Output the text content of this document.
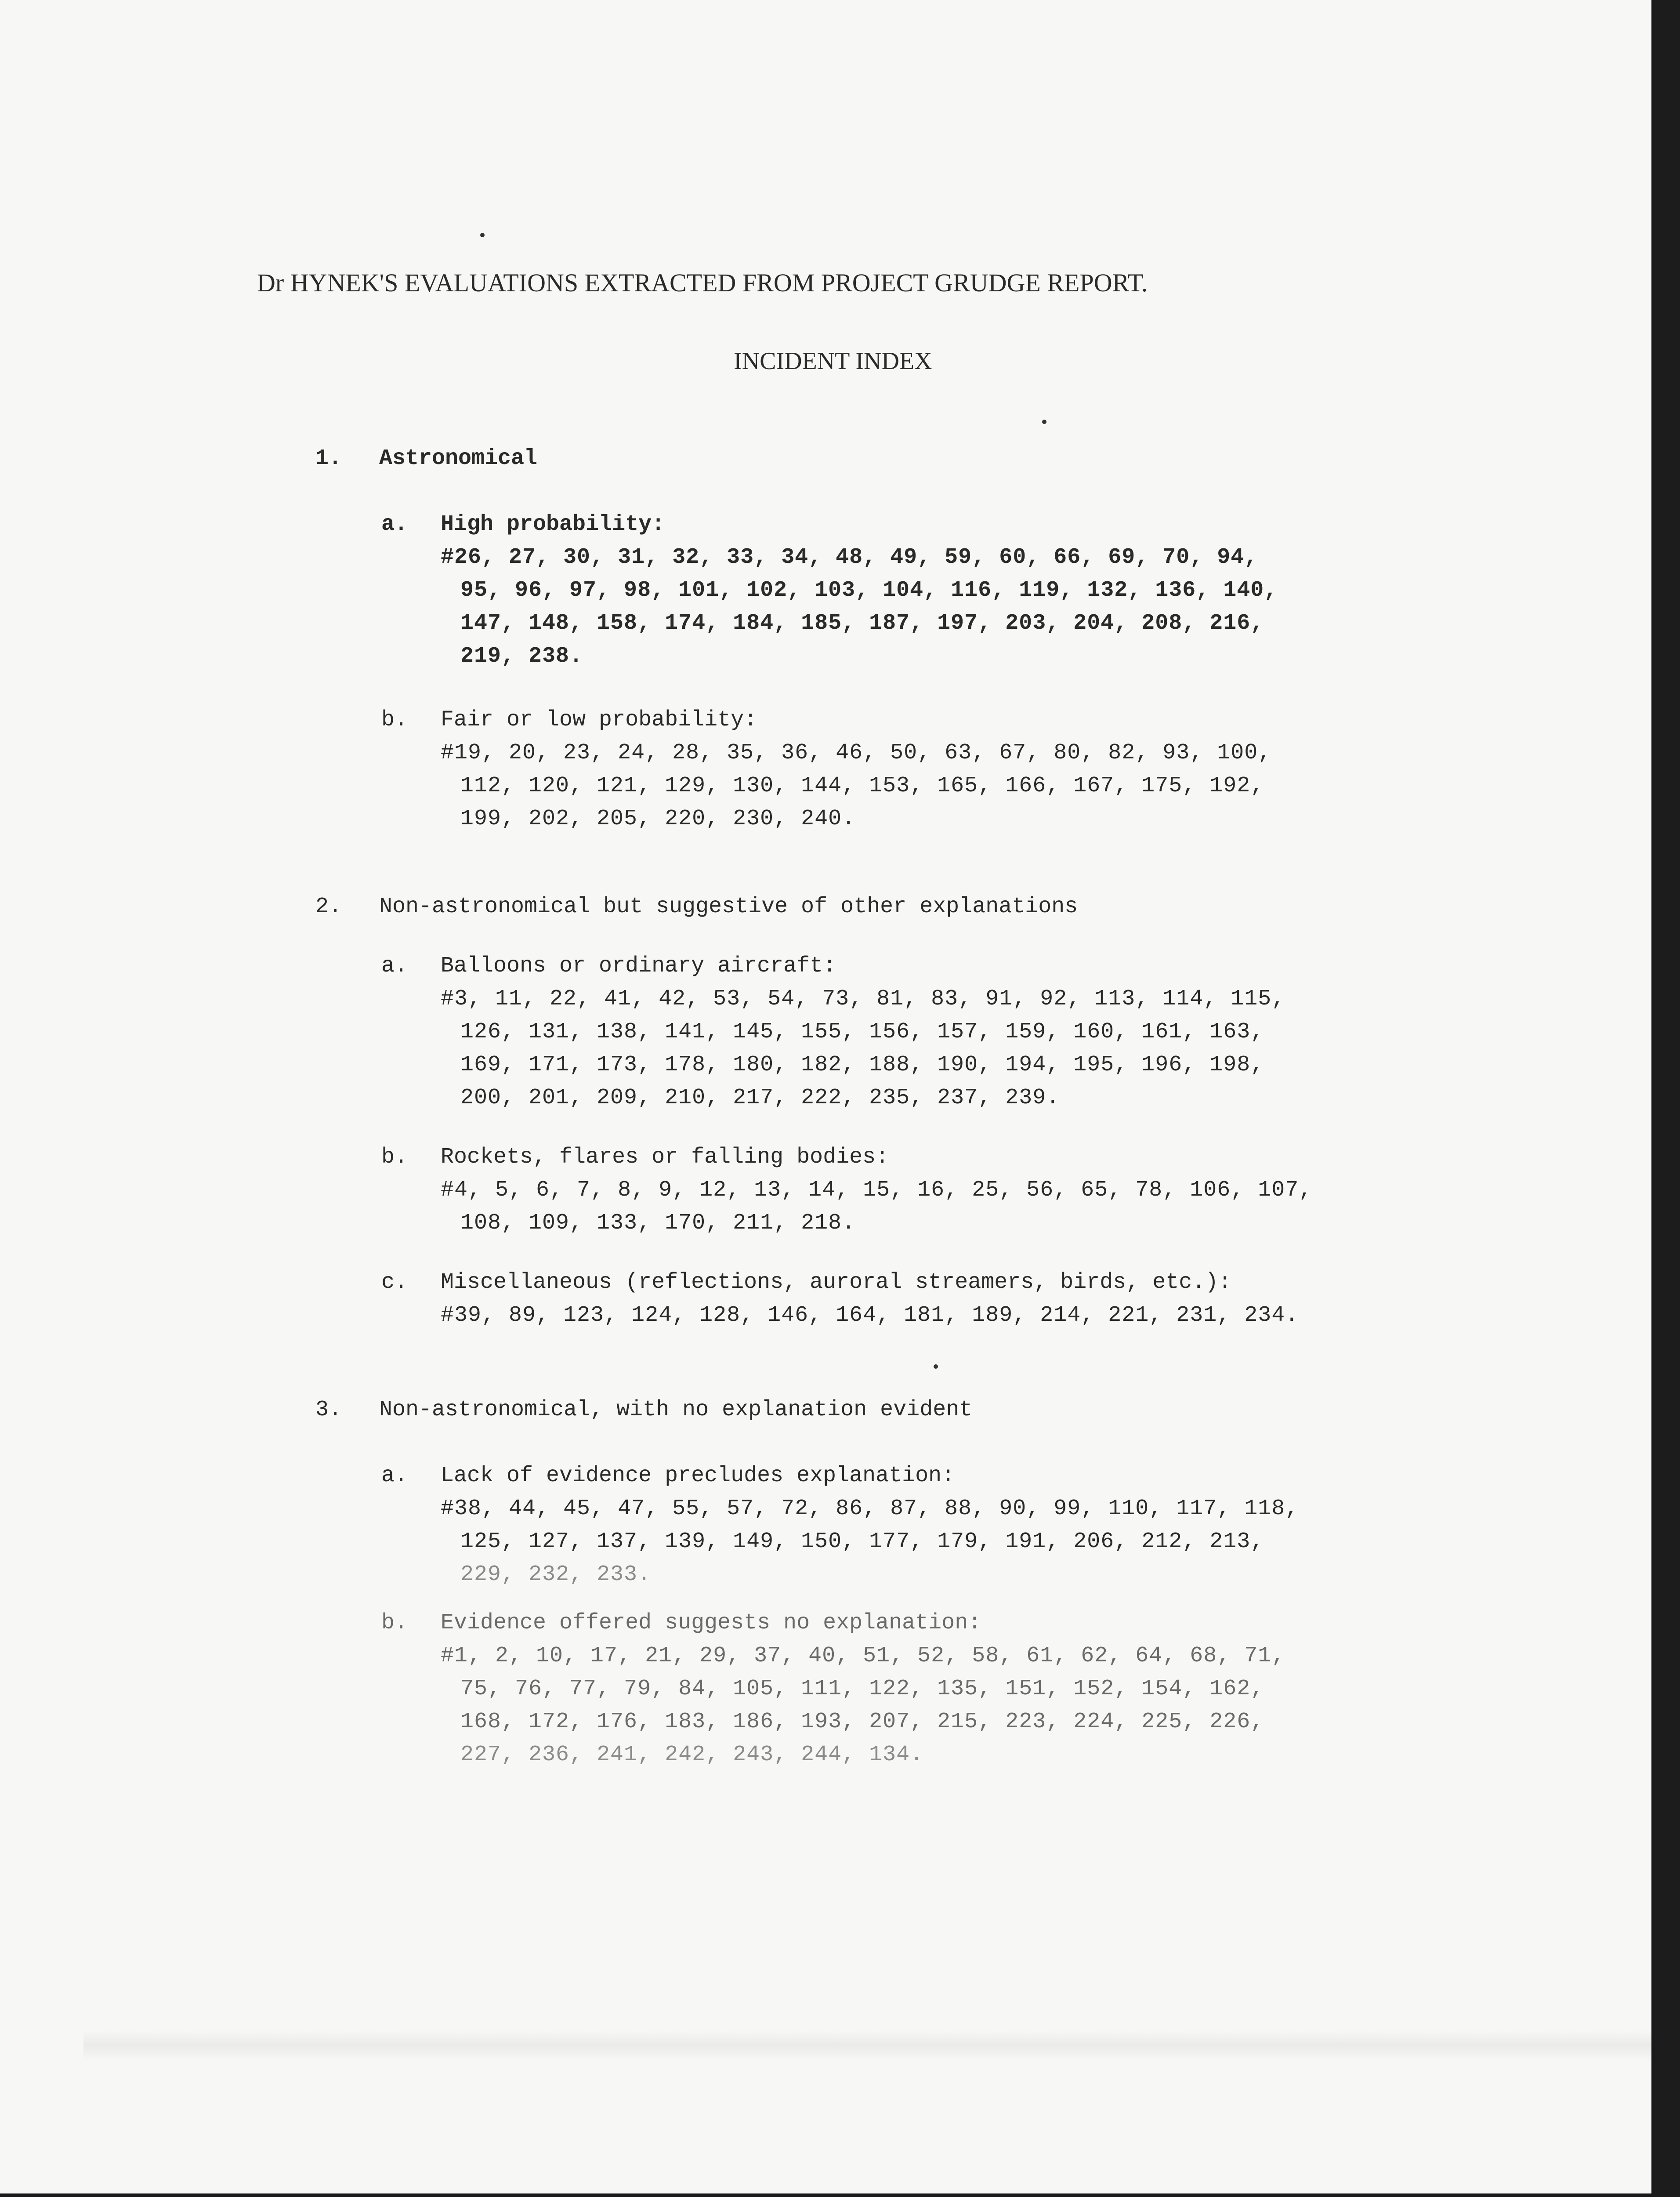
Dr HYNEK'S EVALUATIONS EXTRACTED FROM PROJECT GRUDGE REPORT.
INCIDENT INDEX
1. Astronomical
a. High probability:
#26, 27, 30, 31, 32, 33, 34, 48, 49, 59, 60, 66, 69, 70, 94,
95, 96, 97, 98, 101, 102, 103, 104, 116, 119, 132, 136, 140,
147, 148, 158, 174, 184, 185, 187, 197, 203, 204, 208, 216,
219, 238.
b. Fair or low probability:
#19, 20, 23, 24, 28, 35, 36, 46, 50, 63, 67, 80, 82, 93, 100,
112, 120, 121, 129, 130, 144, 153, 165, 166, 167, 175, 192,
199, 202, 205, 220, 230, 240.
2. Non-astronomical but suggestive of other explanations
a. Balloons or ordinary aircraft:
#3, 11, 22, 41, 42, 53, 54, 73, 81, 83, 91, 92, 113, 114, 115,
126, 131, 138, 141, 145, 155, 156, 157, 159, 160, 161, 163,
169, 171, 173, 178, 180, 182, 188, 190, 194, 195, 196, 198,
200, 201, 209, 210, 217, 222, 235, 237, 239.
b. Rockets, flares or falling bodies:
#4, 5, 6, 7, 8, 9, 12, 13, 14, 15, 16, 25, 56, 65, 78, 106, 107,
108, 109, 133, 170, 211, 218.
c. Miscellaneous (reflections, auroral streamers, birds, etc.):
#39, 89, 123, 124, 128, 146, 164, 181, 189, 214, 221, 231, 234.
3. Non-astronomical, with no explanation evident
a. Lack of evidence precludes explanation:
#38, 44, 45, 47, 55, 57, 72, 86, 87, 88, 90, 99, 110, 117, 118,
125, 127, 137, 139, 149, 150, 177, 179, 191, 206, 212, 213,
229, 232, 233.
b. Evidence offered suggests no explanation:
#1, 2, 10, 17, 21, 29, 37, 40, 51, 52, 58, 61, 62, 64, 68, 71,
75, 76, 77, 79, 84, 105, 111, 122, 135, 151, 152, 154, 162,
168, 172, 176, 183, 186, 193, 207, 215, 223, 224, 225, 226,
227, 236, 241, 242, 243, 244, 134.
